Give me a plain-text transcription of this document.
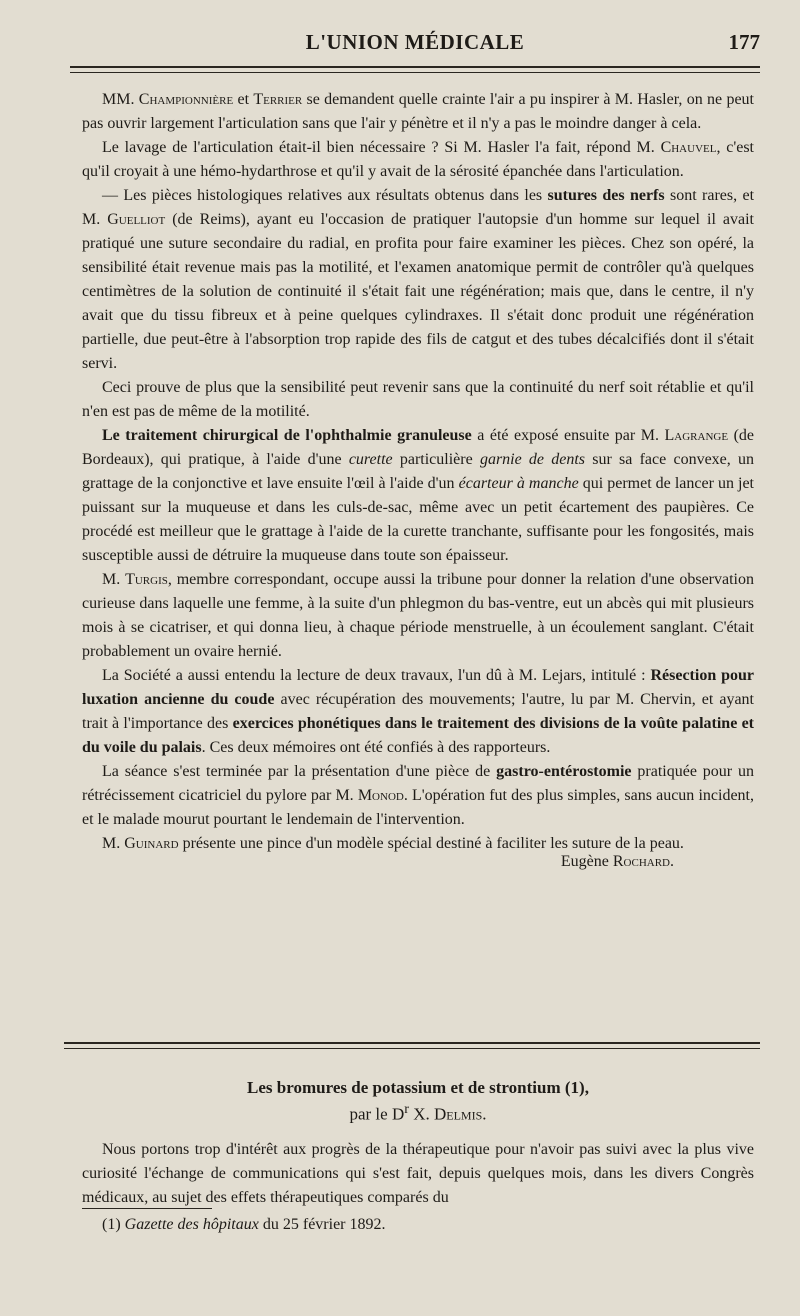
L'UNION MÉDICALE	177

MM. Championnière et Terrier se demandent quelle crainte l'air a pu inspirer à M. Hasler, on ne peut pas ouvrir largement l'articulation sans que l'air y pénètre et il n'y a pas le moindre danger à cela.

Le lavage de l'articulation était-il bien nécessaire ? Si M. Hasler l'a fait, répond M. Chauvel, c'est qu'il croyait à une hémo-hydarthrose et qu'il y avait de la sérosité épanchée dans l'articulation.

— Les pièces histologiques relatives aux résultats obtenus dans les sutures des nerfs sont rares, et M. Guelliot (de Reims), ayant eu l'occasion de pratiquer l'autopsie d'un homme sur lequel il avait pratiqué une suture secondaire du radial, en profita pour faire examiner les pièces. Chez son opéré, la sensibilité était revenue mais pas la motilité, et l'examen anatomique permit de contrôler qu'à quelques centimètres de la solution de continuité il s'était fait une régénération; mais que, dans le centre, il n'y avait que du tissu fibreux et à peine quelques cylindraxes. Il s'était donc produit une régénération partielle, due peut-être à l'absorption trop rapide des fils de catgut et des tubes décalcifiés dont il s'était servi.

Ceci prouve de plus que la sensibilité peut revenir sans que la continuité du nerf soit rétablie et qu'il n'en est pas de même de la motilité.

Le traitement chirurgical de l'ophthalmie granuleuse a été exposé ensuite par M. Lagrange (de Bordeaux), qui pratique, à l'aide d'une curette particulière garnie de dents sur sa face convexe, un grattage de la conjonctive et lave ensuite l'œil à l'aide d'un écarteur à manche qui permet de lancer un jet puissant sur la muqueuse et dans les culs-de-sac, même avec un petit écartement des paupières. Ce procédé est meilleur que le grattage à l'aide de la curette tranchante, suffisante pour les fongosités, mais susceptible aussi de détruire la muqueuse dans toute son épaisseur.

M. Turgis, membre correspondant, occupe aussi la tribune pour donner la relation d'une observation curieuse dans laquelle une femme, à la suite d'un phlegmon du bas-ventre, eut un abcès qui mit plusieurs mois à se cicatriser, et qui donna lieu, à chaque période menstruelle, à un écoulement sanglant. C'était probablement un ovaire hernié.

La Société a aussi entendu la lecture de deux travaux, l'un dû à M. Lejars, intitulé : Résection pour luxation ancienne du coude avec récupération des mouvements; l'autre, lu par M. Chervin, et ayant trait à l'importance des exercices phonétiques dans le traitement des divisions de la voûte palatine et du voile du palais. Ces deux mémoires ont été confiés à des rapporteurs.

La séance s'est terminée par la présentation d'une pièce de gastro-entérostomie pratiquée pour un rétrécissement cicatriciel du pylore par M. Monod. L'opération fut des plus simples, sans aucun incident, et le malade mourut pourtant le lendemain de l'intervention.

M. Guinard présente une pince d'un modèle spécial destiné à faciliter les suture de la peau.

Eugène Rochard.
Les bromures de potassium et de strontium (1),
par le $D^r$ X. Delmis.

Nous portons trop d'intérêt aux progrès de la thérapeutique pour n'avoir pas suivi avec la plus vive curiosité l'échange de communications qui s'est fait, depuis quelques mois, dans les divers Congrès médicaux, au sujet des effets thérapeutiques comparés du

(1) Gazette des hôpitaux du 25 février 1892.
